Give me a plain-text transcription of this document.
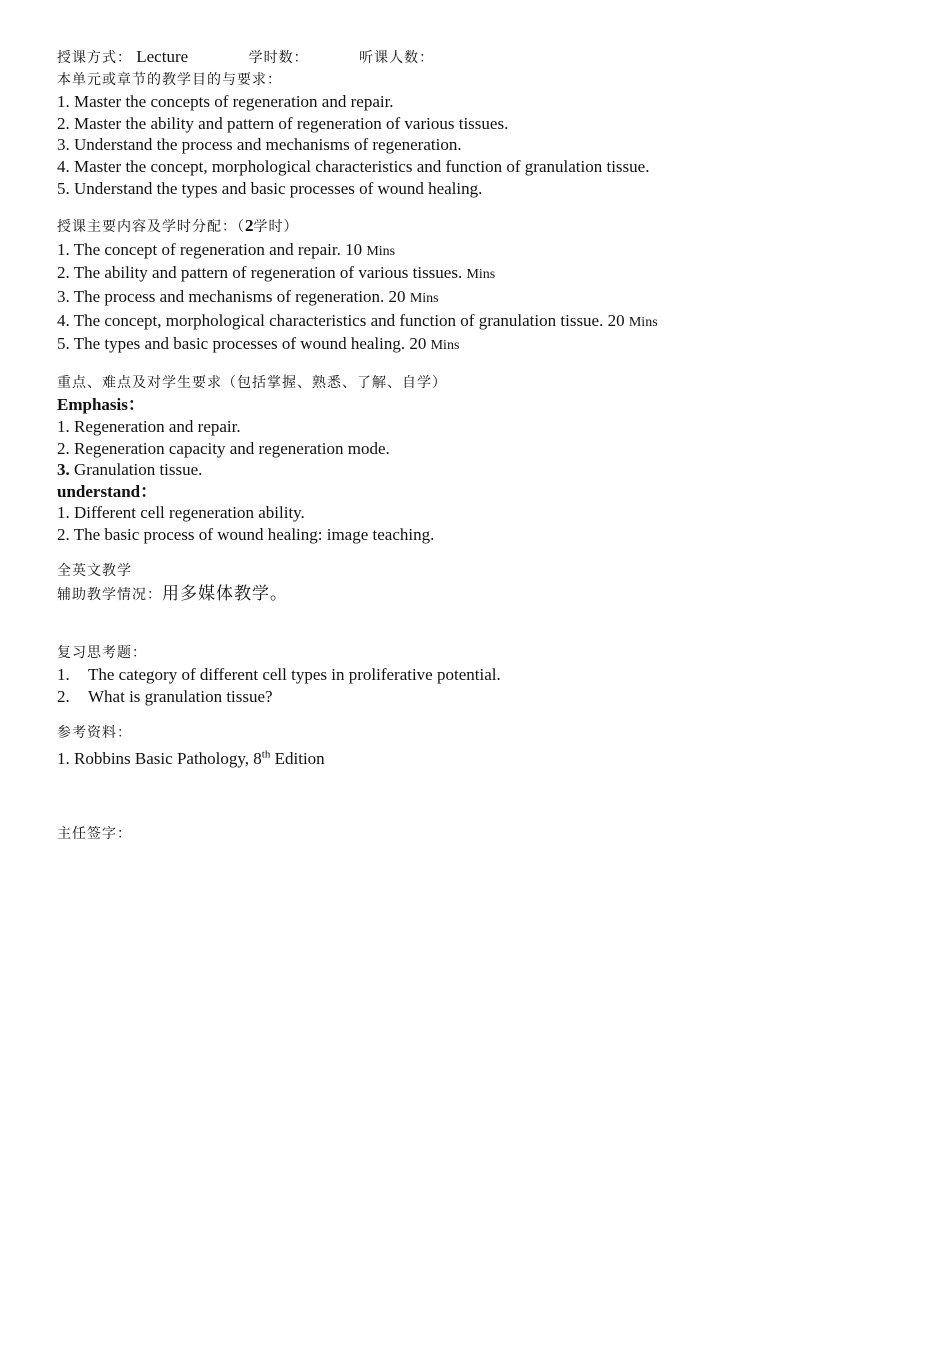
授课方式： Lecture	学时数：	听课人数：
本单元或章节的教学目的与要求：
1. Master the concepts of regeneration and repair.
2. Master the ability and pattern of regeneration of various tissues.
3. Understand the process and mechanisms of regeneration.
4. Master the concept, morphological characteristics and function of granulation tissue.
5. Understand the types and basic processes of wound healing.
授课主要内容及学时分配：（2学时）
1. The concept of regeneration and repair. 10 Mins
2. The ability and pattern of regeneration of various tissues. Mins
3. The process and mechanisms of regeneration. 20 Mins
4. The concept, morphological characteristics and function of granulation tissue. 20 Mins
5. The types and basic processes of wound healing. 20 Mins
重点、难点及对学生要求（包括掌握、熟悉、了解、自学）
Emphasis：
1. Regeneration and repair.
2. Regeneration capacity and regeneration mode.
3. Granulation tissue.
understand：
1. Different cell regeneration ability.
2. The basic process of wound healing: image teaching.
全英文教学
辅助教学情况：用多媒体教学。
复习思考题：
1. The category of different cell types in proliferative potential.
2. What is granulation tissue?
参考资料：
1. Robbins Basic Pathology, 8th Edition
主任签字：
